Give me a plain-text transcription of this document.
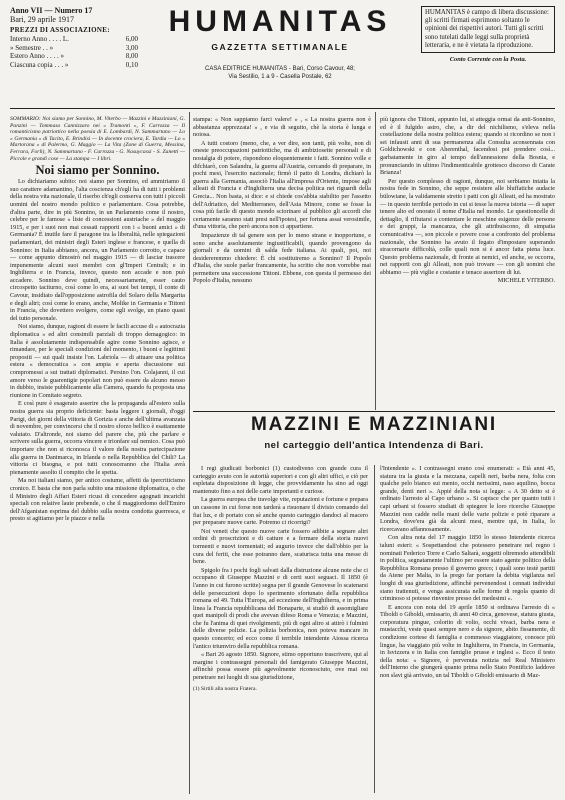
Anno VII — Numero 17
Bari, 29 aprile 1917
PREZZI DI ASSOCIAZIONE:
Interno Anno . . . . L.	6,00
» Semestre . . »	3,00
Estero Anno . . . . »	8,00
Ciascuna copia . . . »	0,10
HUMANITAS
GAZZETTA SETTIMANALE
CASA EDITRICE HUMANITAS - Bari, Corso Cavour, 48;
Via Sestilio, 1 a 9 - Casella Postale, 62
HUMANITAS è campo di libera discussione: gli scritti firmati esprimono soltanto le opinioni dei rispettivi autori. Tutti gli scritti sono tutelati dalle leggi sulla proprietà letteraria, e ne è vietata la riproduzione.
Conto Corrente con la Posta.

SOMMARIO: Noi siamo per Sonnino, M. Viterbo — Mazzini e Mazziniani, G. Panzini — Tommaso Cannizzaro nei « Tramonti », F. Carrozza — Il romanticismo patriottico nella poesia di E. Lombardi, N. Sammartano — Lo « Germania » di Tacito, E. Brindisi — In docente crociera, E. Tardia — Lo « Martorana » di Palermo, G. Maggio — La Vita (Zone di Guerra, Messina, Ferrara, Forlì), N. Sammartano - F. Carrozza - G. Nasuycassi - S. Zanetti — Piccole e grandi cose — La stampa — I libri.

Noi siamo per Sonnino.

Lo dichiariamo subito: noi siamo per Sonnino, ed ammiriamo il suo carattere adamantino, l'alta coscienza ch'egli ha di tutti i problemi della nostra vita nazionale, il riserbo ch'egli conserva con tutti i piccoli uomini del nostro mondo politico e parlamentare. Cosa potrebbe, d'altra parte, dire in più Sonnino, in un Parlamento come il nostro, celebre per le famose « liste di concessioni austriache » del maggio 1915, e per i suoi non mai cessati rapporti con i « buoni amici » di Germania? È inutile fare il paragone tra la liberalità, nelle spiegazioni parlamentari, dei ministri degli Esteri inglese e francese, e quella di Sonnino: in Italia abbiamo, ancora, un Parlamento corrotto, e capace — come appunto dimostrò nel maggio 1915 — di lasciar trascere impunemente alcuni suoi membri con gl'Imperi Centrali; e in Inghilterra e in Francia, invece, questo non accade e non può accadere. Sonnino deve quindi, necessariamente, esser cauto circospetto taciturno, così come lo era, ai suoi bei tempi, il conte di Cavour, insidiato dall'opposizione astrofila del Solaro della Margarita e degli altri; così come lo erano, anche, Moltke in Germania e Tittoni in Francia, che dovettero svolgere, come egli svolge, un piano quasi del tutto personale.

Noi siamo, dunque, ragioni di essere le facili accuse di « autocrazia diplomatica » ed altri consimili parziali di troppo demagogico: in Italia è assolutamente indispensabile agire come Sonnino agisce, e rimandare, per le speciali condizioni del momento, i buoni e legittimi propositi — sui quali insiste l'on. Labriola — di attuare una politica estera « democratica » con ampia e aperta discussione sui compromessi a sui trattati diplomatici. Persino l'on. Colajanni, il cui amore verso le guarentigie popolari non può essere da alcuno messo in dubbio, insiste pubblicamente alla Camera, quando fu proposta una riunione in Comitato segreto.

E così pure è esagerato asserire che la propaganda all'estero sulla nostra guerra sia proprio deficiente: basta leggere i giornali, d'oggi Parigi, dei giorni della vittoria di Gorizia e anche dell'ultima avanzata di novembre, per convincersi che il nostro sforzo bellico è esattamente valutato. D'altronde, noi siamo del parere che, più che parlare e scrivere sulla guerra, occorra vincere e trionfare sul nemico. Cosa può importare che non si riconosca il valore della nostra partecipazione alla guerra in Danimarca, in Irlanda o nella Repubblica del Chili? La vittoria ci bisogna, e poi tutti conosceranno che l'Italia avrà pienamente assolto il compito che le spetta.

Ma noi italiani siamo, per antico costume, affetti da ipercriticismo cronico. E basta che non parla subito una missione diplomatica, o che il Ministro degli Affari Esteri ricusi di concedere agognati incarichi speciali con relative laute prebende, o che il maggiordomo dell'Emiro dell'Afganistan esprima del dubbio sulla nostra condotta guerresca, e presto si agitiamo per le piazze e nella

stampa: « Non sappiamo farci valere! » , « La nostra guerra non è abbastanza apprezzata! » , e via di seguito, chè la storia è lunga e noiosa.

A tutti costoro (meno, che, a ver dire, son tanti, più volte, non di oneste preoccupazioni patriottiche, ma di ambiziosette personali e di nostalgia di potere, rispondono eloquentemente i fatti. Sonnino volle e difchiarò, con Salandra, la guerra all'Austria, cercando di preparare, in pochi mesi, l'esercito nazionale; firmò il patto di Londra, dichiarò la guerra alla Germania, associò l'Italia all'impresa d'Oriente, impose agli alleati di Francia e d'Inghilterra una decisa politica nei riguardi della Grecia... Non basta, si dice: e si chiede cos'abbia stabilito per l'assetto dell'Adriatico, del Mediterraneo, dell'Asia Minore, come se fosse la cosa più facile di questo mondo sciorinare al pubblico gli accordi che certamente saranno stati presi nell'ipotesi, per fortuna assai verosimile, d'una vittoria, che però ancora non ci appartiene.

Impazienze di tal genere son per lo meno strane e inopportune, e sono anche assolutamente ingiustificabili, quando provengono da giornali e da uomini di salda fede italiana. Ai quali, poi, noi desidereremmo chiedere: È chi sostituiremo a Sonnino? Il Popolo d'Italia, che suole parlar francamente, ha scritto che non vorrebbe mai permettere una successione Tittoni. Ebbene, con questa il permesso dei Popolo d'Italia, nessuno

più ignora che Tittoni, appunto lui, si atteggia ormai da anti-Sonnino, ed è il fulgido astro, che, a dir del nichilismo, s'eleva nella costellazione della nostra politica estera; quando si ricordino se non i sei infausti anni di sua permanenza alla Consulta aconsennata con Goldichowski e con Aherenthal, facendosi poi prendere così... garbatamente in giro al tempo dell'annessione della Bosnia, e pronunciando in ultimo l'indimenticabile grottesco discorso di Carate Brianza!

Per questo complesso di ragioni, dunque, noi serbiamo intatta la nostra fede in Sonnino, che seppe resistere alle bluffatiche audacie bülowiane, la validamente stretto i patti con gli Alleati, ed ha mostrato — in questo terribile periodo in cui si tesse la nuova istoria — di saper tenere alto ed onorato il nome d'Italia nel mondo. Le questioncelle di dettaglio, il rifiutarsi a contentare le meschine esigenze delle persone e dei gruppi, la mancanza, che gli attribuiscono, di simpatia comunicativa —, son piccole e povere cose a confronto del problema nazionale, che Sonnino ha avuto il fegato d'impostare superando stracornarie difficoltà, colle quali non si è ancor fatta piena luce. Questo problema nazionale, di fronte ai nemici, ed anche, se occorra, nei rapporti con gli Alleati, non può trovare — con gli uomini che abbiamo — più viglie e costante e tenace assertore di lui.

MICHELE VITERBO.

MAZZINI E MAZZINIANI
nel carteggio dell'antica Intendenza di Bari.

I regi giudicati borbonici (1) custodiveno con grande cura il carteggio avuto con le autorità superiori e con gli altri uffici, e ciò per espletata disposizione di legge, che provvidamente ha sino ad oggi mantenuto fino a noi delle carte importanti e curiose.

La guerra europea che travolge vite, reputazioni e fortune e prepara un cassone in cui forse non tarderà a risuonare il divisio comando del fiat lux, e di portato con sè anche questo carteggio dandoci al macero per preparare nuove carte. Potremo ci ricorrigi?

Noi veneti che questo nuove carte fossero adibite a segnare altri ordini di proscrizioni e di catture e a fermare della storia nuovi tormenti e nuovi tormentati; ed augurio invece che dall'obbio per la cura del feriti, che esse potranno dare, scaturisca tutta una messe di bene.

Spigolo fra i pochi fogli salvati dalla distruzione alcune note che ci occupano di Giuseppe Mazzini e di certi suoi seguaci. Il 1850 (è l'anno in cui furono scritte) segna per il grande Genovese lo scatenarsi delle persecuzioni dopo lo sperimento sfortunato della repubblica romana ed 49. Tutta l'Europa, ad eccezione dell'Inghilterra, e in prima linea la Francia repubblicana del Bonaparte, si studiò di assomigliare quei manipoli di prodi che avevan difeso Roma e Venezia; e Mazzini, che fu l'anima di quei rivolgimenti, più di ogni altro si attirò i fulmini delle diverse polizie. La polizia borbonica, non poteva mancare in questo concerto; ed ecco come il terribile intendente Aiossa ricerca l'antico triumviro della repubblica romana.

« Bari 26 agosto 1850. Signore, stimo opportuno trascrivere, qui al margine i contrassegni personali del famigerato Giuseppe Mazzini, affinchè possa essere più agevolmente riconosciuto, ove mai osi penetrare nei luoghi di sua giurisdizione,

(1) Sirtili alla nostra Fratera.

l'Intendente ». I contrassegni erano così enumerati: « Età anni 45, statura tra la giusta e la mezzana, capelli neri, barba nera, folta con qualche pelo bianco sui mento, occhi nerissimi, naso aquilino, bocca grande, denti neri ». Appié della nota si legge: « A 30 detto si è ordinato l'arresto al Capo urbano ». Si capisce che per quanto tutti i capi urbani si fossero studiati di spiegere le loro ricerche Giuseppe Mazzini non cadde nelle mani delle varie polizie e potè riparare a Londra, dove'era già da alcuni mesi, mentre qui, in Italia, lo ricercavano affannosamente.

Con altra nota del 17 maggio 1850 lo stesso Intendente ricerca taluni esteri: « Sospettandosi che potessero penetrare nel regno i nominati Federico Torre e Carlo Saltarà, soggetti oltremodo attendibili in politica, segnatamente l'ultimo per essere stato agente politico della Repubblica Romana presso il governo greco; i quali sono testè partiti da Atene per Malta, io la prego far portare la debita vigilanza nel luoghi di sua giurisdizione, affinchè pervenendosi i cennati individui siano trattenuti, e venga assicurata nelle forme di regola quanto di criminoso si potesse rinvenire presso dei medesimi ».

E ancora con nota del 19 aprile 1850 si ordinava l'arresto di « Tiboldi o Giboldi, emissario, di anni 40 circa, genovese, statura giusta, corporatura pingue, colorito di volto, occhi vivaci, barba nera e mustacchi, veste quasi sempre nero e da signore, abito fissamente, di condizione cortese di famiglia e commesso viaggiatore, conosce più lingue, ha viaggiato più volte in Inghilterra, in Francia, in Germania, in Isvizzera e in Italia con famiglie prusse e inglesi ». Ecco il testo della nota: « Signore, è pervenuta notizia nel Real Ministero dell'Interno che giungerà quanto prima nello Stato Pontificio laddove non slavi già arrivato, un tal Tiboldi o Giboldi emissario di Maz-
